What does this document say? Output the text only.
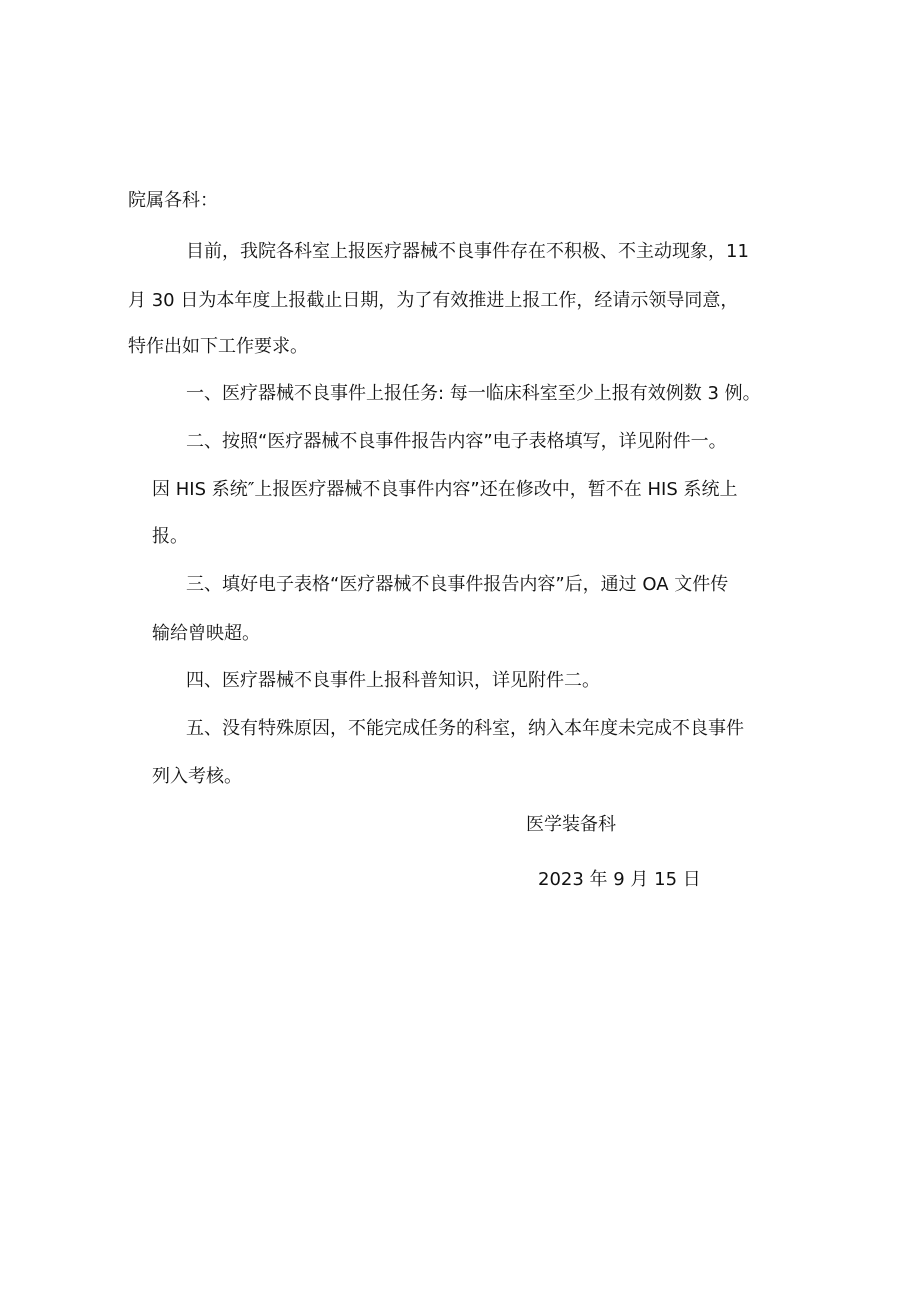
院属各科：
目前，我院各科室上报医疗器械不良事件存在不积极、不主动现象，11
月 30 日为本年度上报截止日期，为了有效推进上报工作，经请示领导同意，
特作出如下工作要求。
一、医疗器械不良事件上报任务: 每一临床科室至少上报有效例数 3 例。
二、按照“医疗器械不良事件报告内容”电子表格填写，详见附件一。
因 HIS 系统″上报医疗器械不良事件内容”还在修改中，暂不在 HIS 系统上
报。
三、填好电子表格“医疗器械不良事件报告内容”后，通过 OA 文件传
输给曾映超。
四、医疗器械不良事件上报科普知识，详见附件二。
五、没有特殊原因，不能完成任务的科室，纳入本年度未完成不良事件
列入考核。
医学装备科
2023 年 9 月 15 日
